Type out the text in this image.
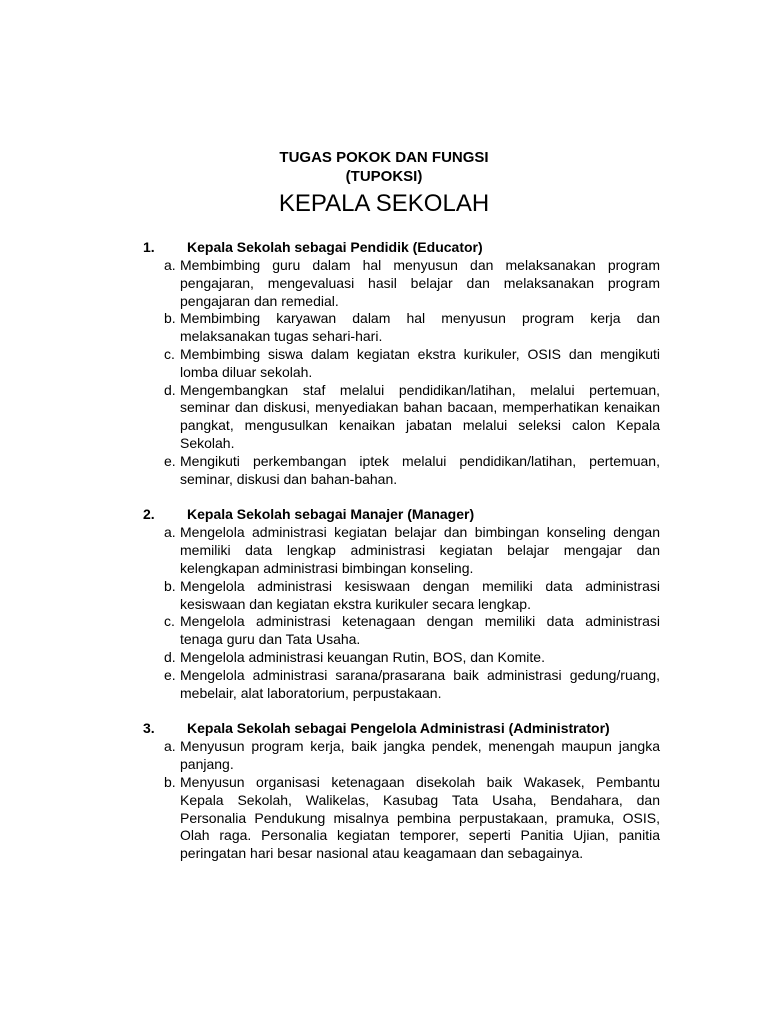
TUGAS POKOK DAN FUNGSI
(TUPOKSI)
KEPALA SEKOLAH
1. Kepala Sekolah sebagai Pendidik (Educator)
a. Membimbing guru dalam hal menyusun dan melaksanakan program pengajaran, mengevaluasi hasil belajar dan melaksanakan program pengajaran dan remedial.
b. Membimbing karyawan dalam hal menyusun program kerja dan melaksanakan tugas sehari-hari.
c. Membimbing siswa dalam kegiatan ekstra kurikuler, OSIS dan mengikuti lomba diluar sekolah.
d. Mengembangkan staf melalui pendidikan/latihan, melalui pertemuan, seminar dan diskusi, menyediakan bahan bacaan, memperhatikan kenaikan pangkat, mengusulkan kenaikan jabatan melalui seleksi calon Kepala Sekolah.
e. Mengikuti perkembangan iptek melalui pendidikan/latihan, pertemuan, seminar, diskusi dan bahan-bahan.
2. Kepala Sekolah sebagai Manajer (Manager)
a. Mengelola administrasi kegiatan belajar dan bimbingan konseling dengan memiliki data lengkap administrasi kegiatan belajar mengajar dan kelengkapan administrasi bimbingan konseling.
b. Mengelola administrasi kesiswaan dengan memiliki data administrasi kesiswaan dan kegiatan ekstra kurikuler secara lengkap.
c. Mengelola administrasi ketenagaan dengan memiliki data administrasi tenaga guru dan Tata Usaha.
d. Mengelola administrasi keuangan Rutin, BOS, dan Komite.
e. Mengelola administrasi sarana/prasarana baik administrasi gedung/ruang, mebelair, alat laboratorium, perpustakaan.
3. Kepala Sekolah sebagai Pengelola Administrasi (Administrator)
a. Menyusun program kerja, baik jangka pendek, menengah maupun jangka panjang.
b. Menyusun organisasi ketenagaan disekolah baik Wakasek, Pembantu Kepala Sekolah, Walikelas, Kasubag Tata Usaha, Bendahara, dan Personalia Pendukung misalnya pembina perpustakaan, pramuka, OSIS, Olah raga. Personalia kegiatan temporer, seperti Panitia Ujian, panitia peringatan hari besar nasional atau keagamaan dan sebagainya.
